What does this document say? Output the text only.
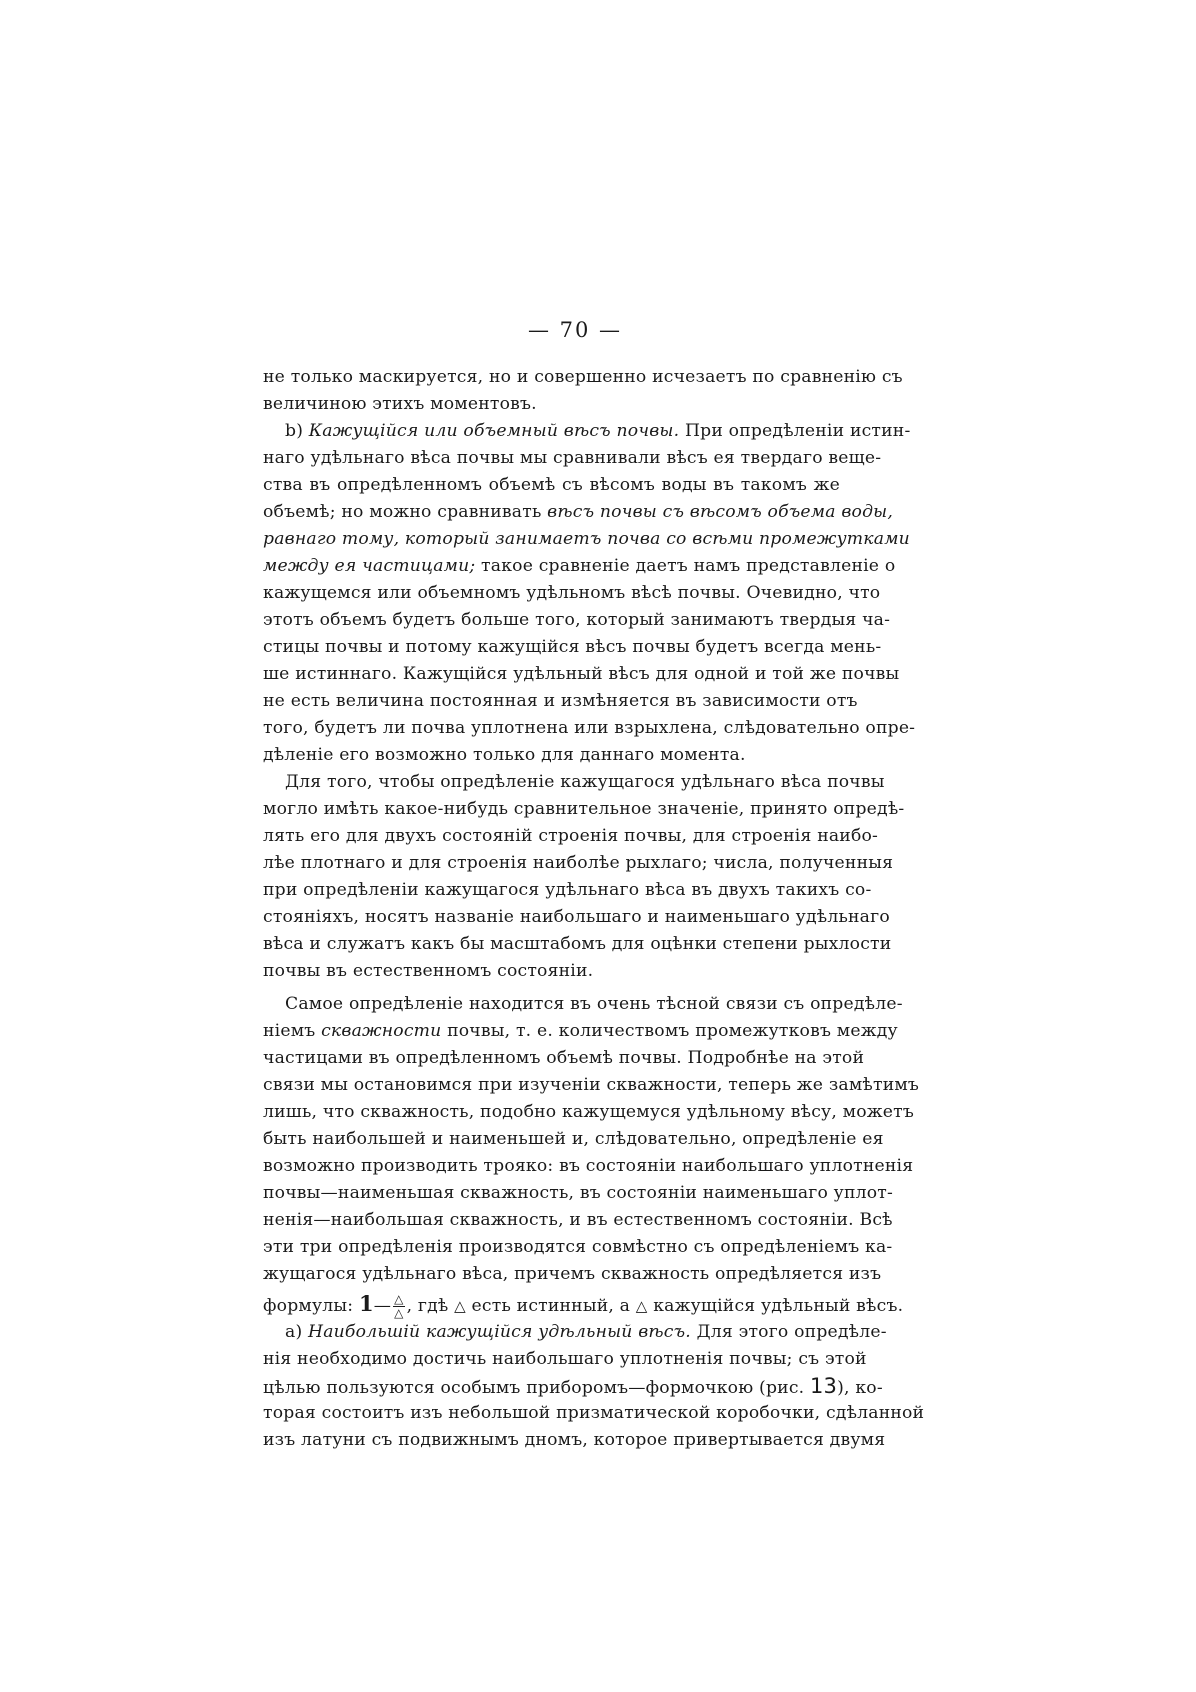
— 70 —
не только маскируется, но и совершенно исчезаетъ по сравненію съ
величиною этихъ моментовъ.
b) Кажущійся или объемный вѣсъ почвы. При опредѣленіи истин-
наго удѣльнаго вѣса почвы мы сравнивали вѣсъ ея твердаго веще-
ства въ опредѣленномъ объемѣ съ вѣсомъ воды въ такомъ же
объемѣ; но можно сравнивать вѣсъ почвы съ вѣсомъ объема воды,
равнаго тому, который занимаетъ почва со всѣми промежутками
между ея частицами; такое сравненіе даетъ намъ представленіе о
кажущемся или объемномъ удѣльномъ вѣсѣ почвы. Очевидно, что
этотъ объемъ будетъ больше того, который занимаютъ твердыя ча-
стицы почвы и потому кажущійся вѣсъ почвы будетъ всегда мень-
ше истиннаго. Кажущійся удѣльный вѣсъ для одной и той же почвы
не есть величина постоянная и измѣняется въ зависимости отъ
того, будетъ ли почва уплотнена или взрыхлена, слѣдовательно опре-
дѣленіе его возможно только для даннаго момента.
Для того, чтобы опредѣленіе кажущагося удѣльнаго вѣса почвы
могло имѣть какое-нибудь сравнительное значеніе, принято опредѣ-
лять его для двухъ состояній строенія почвы, для строенія наибо-
лѣе плотнаго и для строенія наиболѣе рыхлаго; числа, полученныя
при опредѣленіи кажущагося удѣльнаго вѣса въ двухъ такихъ со-
стояніяхъ, носятъ названіе наибольшаго и наименьшаго удѣльнаго
вѣса и служатъ какъ бы масштабомъ для оцѣнки степени рыхлости
почвы въ естественномъ состояніи.
Самое опредѣленіе находится въ очень тѣсной связи съ опредѣле-
ніемъ скважности почвы, т. е. количествомъ промежутковъ между
частицами въ опредѣленномъ объемѣ почвы. Подробнѣе на этой
связи мы остановимся при изученіи скважности, теперь же замѣтимъ
лишь, что скважность, подобно кажущемуся удѣльному вѣсу, можетъ
быть наибольшей и наименьшей и, слѣдовательно, опредѣленіе ея
возможно производить трояко: въ состояніи наибольшаго уплотненія
почвы—наименьшая скважность, въ состояніи наименьшаго уплот-
ненія—наибольшая скважность, и въ естественномъ состояніи. Всѣ
эти три опредѣленія производятся совмѣстно съ опредѣленіемъ ка-
жущагося удѣльнаго вѣса, причемъ скважность опредѣляется изъ
формулы: 1— $\frac{\triangle}{\triangle}$ , гдѣ △ есть истинный, а △ кажущійся удѣльный вѣсъ.
a) Наибольшій кажущійся удѣльный вѣсъ. Для этого опредѣле-
нія необходимо достичь наибольшаго уплотненія почвы; съ этой
цѣлью пользуются особымъ приборомъ—формочкою (рис. 13), ко-
торая состоитъ изъ небольшой призматической коробочки, сдѣланной
изъ латуни съ подвижнымъ дномъ, которое привертывается двумя
